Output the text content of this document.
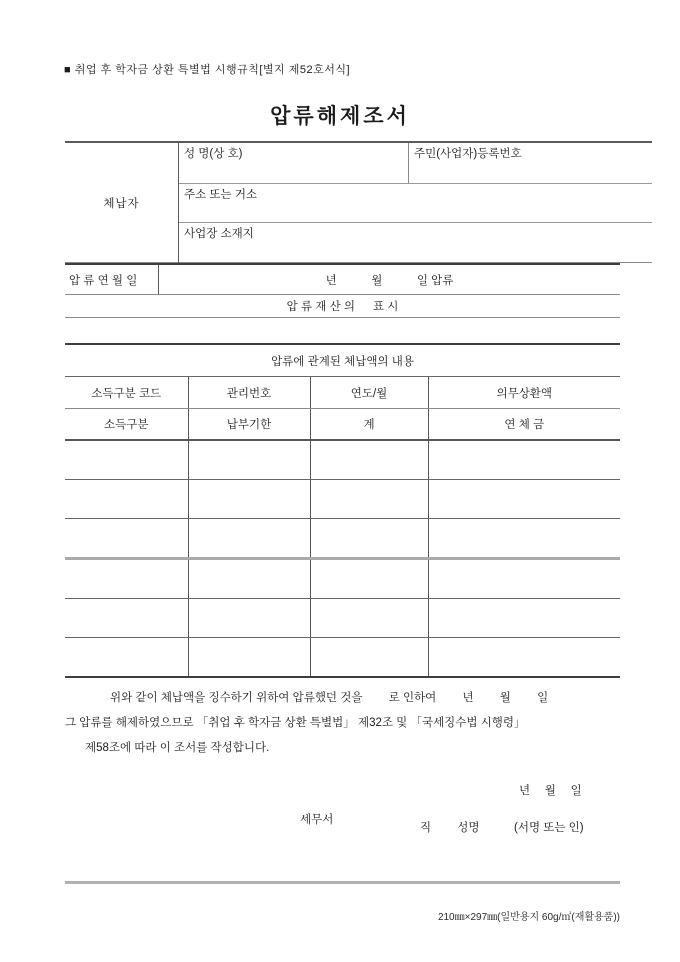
■ 취업 후 학자금 상환 특별법 시행규칙[별지 제52호서식]
압류해제조서
체납자	성 명(상 호)	주민(사업자)등록번호
주소 또는 거소
사업장 소재지
압 류 연 월 일	년　　　월　　　일 압류
압 류 재 산 의 　 표 시
압류에 관계된 체납액의 내용			
소득구분 코드	관리번호	연도/월	의무상환액
소득구분	납부기한	계	연 체 금

위와 같이 체납액을 징수하기 위하여 압류했던 것을　　 로 인하여　　 년　　 월　　 일
그 압류를 해제하였으므로 「취업 후 학자금 상환 특별법」 제32조 및 「국세징수법 시행령」
제58조에 따라 이 조서를 작성합니다.
년　 월　 일
세무서
직　　 성명　　　(서명 또는 인)
210㎜×297㎜(일반용지 60g/㎡(재활용품))
